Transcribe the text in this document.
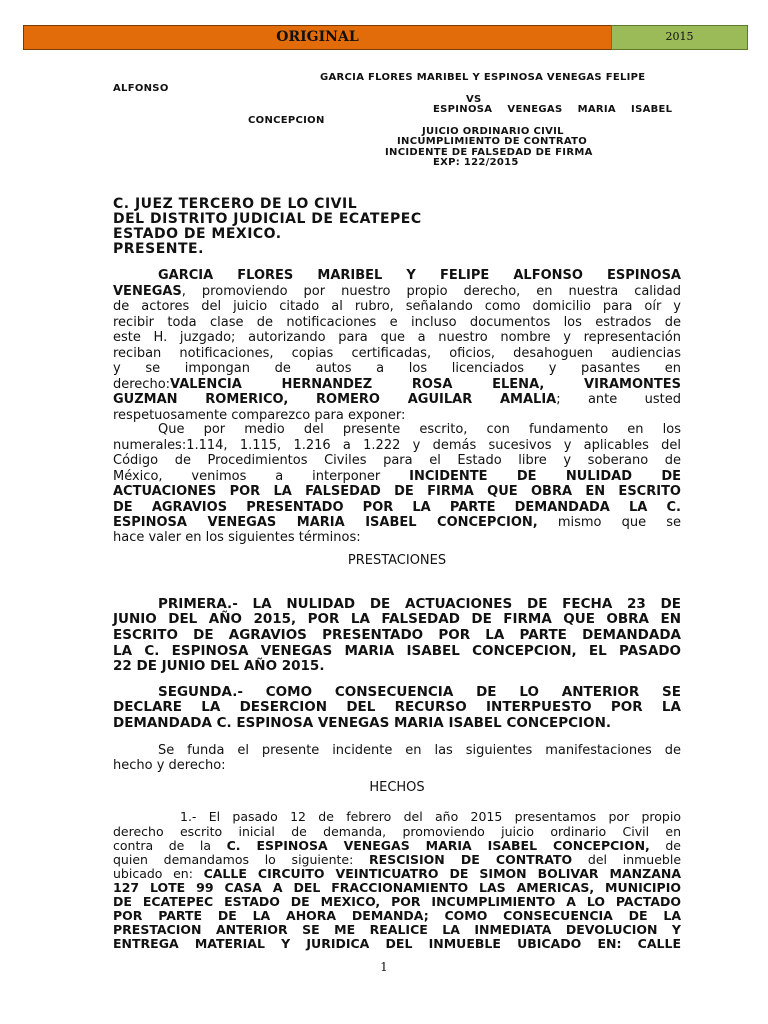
ORIGINAL	2015
GARCIA FLORES MARIBEL Y ESPINOSA VENEGAS FELIPE
ALFONSO
VS
ESPINOSA    VENEGAS    MARIA    ISABEL
CONCEPCION
JUICIO ORDINARIO CIVIL
INCUMPLIMIENTO DE CONTRATO
INCIDENTE DE FALSEDAD DE FIRMA
EXP: 122/2015
C. JUEZ TERCERO DE LO CIVIL
DEL DISTRITO JUDICIAL DE ECATEPEC
ESTADO DE MEXICO.
PRESENTE.
GARCIA FLORES MARIBEL Y FELIPE ALFONSO ESPINOSA
VENEGAS, promoviendo por nuestro propio derecho, en nuestra calidad
de actores del juicio citado al rubro, señalando como domicilio para oír y
recibir toda clase de notificaciones e incluso documentos los estrados de
este H. juzgado; autorizando para que a nuestro nombre y representación
reciban notificaciones, copias certificadas, oficios, desahoguen audiencias
y se impongan de autos a los licenciados y pasantes en
derecho:VALENCIA HERNANDEZ ROSA ELENA, VIRAMONTES
GUZMAN ROMERICO, ROMERO AGUILAR AMALIA; ante usted
respetuosamente comparezco para exponer:
Que por medio del presente escrito, con fundamento en los
numerales:1.114, 1.115, 1.216 a 1.222 y demás sucesivos y aplicables del
Código de Procedimientos Civiles para el Estado libre y soberano de
México, venimos a interponer INCIDENTE DE NULIDAD DE
ACTUACIONES POR LA FALSEDAD DE FIRMA QUE OBRA EN ESCRITO
DE AGRAVIOS PRESENTADO POR LA PARTE DEMANDADA LA C.
ESPINOSA VENEGAS MARIA ISABEL CONCEPCION, mismo que se
hace valer en los siguientes términos:
PRESTACIONES
PRIMERA.- LA NULIDAD DE ACTUACIONES DE FECHA 23 DE
JUNIO DEL AÑO 2015, POR LA FALSEDAD DE FIRMA QUE OBRA EN
ESCRITO DE AGRAVIOS PRESENTADO POR LA PARTE DEMANDADA
LA C. ESPINOSA VENEGAS MARIA ISABEL CONCEPCION, EL PASADO
22 DE JUNIO DEL AÑO 2015.
SEGUNDA.- COMO CONSECUENCIA DE LO ANTERIOR SE
DECLARE LA DESERCION DEL RECURSO INTERPUESTO POR LA
DEMANDADA C. ESPINOSA VENEGAS MARIA ISABEL CONCEPCION.
Se funda el presente incidente en las siguientes manifestaciones de
hecho y derecho:
HECHOS
1.- El pasado 12 de febrero del año 2015 presentamos por propio
derecho escrito inicial de demanda, promoviendo juicio ordinario Civil en
contra de la C. ESPINOSA VENEGAS MARIA ISABEL CONCEPCION, de
quien demandamos lo siguiente: RESCISION DE CONTRATO del inmueble
ubicado en: CALLE CIRCUITO VEINTICUATRO DE SIMON BOLIVAR MANZANA
127 LOTE 99 CASA A DEL FRACCIONAMIENTO LAS AMERICAS, MUNICIPIO
DE ECATEPEC ESTADO DE MEXICO, POR INCUMPLIMIENTO A LO PACTADO
POR PARTE DE LA AHORA DEMANDA; COMO CONSECUENCIA DE LA
PRESTACION ANTERIOR SE ME REALICE LA INMEDIATA DEVOLUCION Y
ENTREGA MATERIAL Y JURIDICA DEL INMUEBLE UBICADO EN: CALLE
1
